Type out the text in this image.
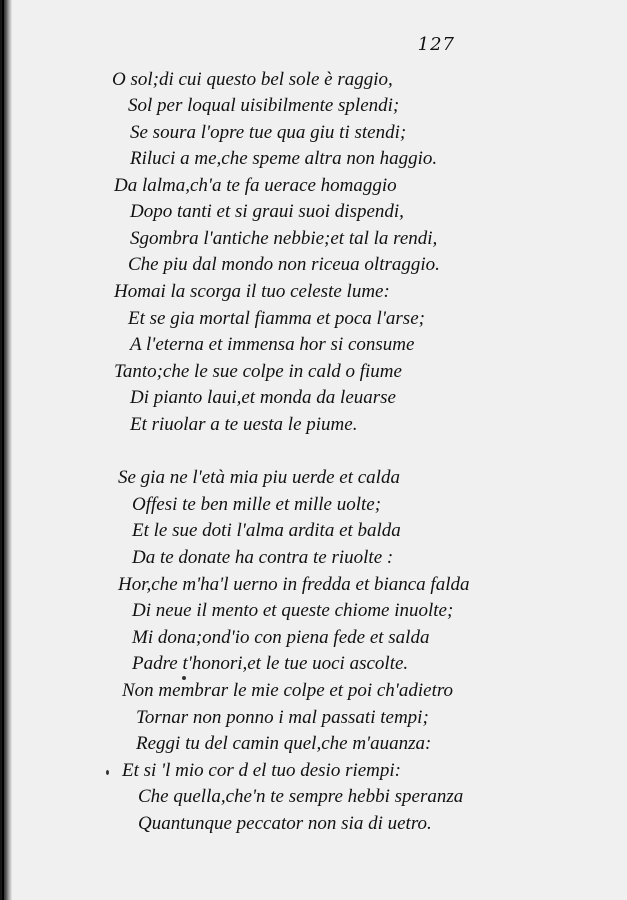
127
O sol;di cui questo bel sole è raggio,
Sol per loqual uisibilmente splendi;
Se soura l'opre tue qua giu ti stendi;
Riluci a me,che speme altra non haggio.
Da lalma,ch'a te fa uerace homaggio
Dopo tanti et si graui suoi dispendi,
Sgombra l'antiche nebbie;et tal la rendi,
Che piu dal mondo non riceua oltraggio.
Homai la scorga il tuo celeste lume:
Et se gia mortal fiamma et poca l'arse;
A l'eterna et immensa hor si consume
Tanto;che le sue colpe in cald o fiume
Di pianto laui,et monda da leuarse
Et riuolar a te uesta le piume.
Se gia ne l'età mia piu uerde et calda
Offesi te ben mille et mille uolte;
Et le sue doti l'alma ardita et balda
Da te donate ha contra te riuolte :
Hor,che m'ha'l uerno in fredda et bianca falda
Di neue il mento et queste chiome inuolte;
Mi dona;ond'io con piena fede et salda
Padre t'honori,et le tue uoci ascolte.
Non membrar le mie colpe et poi ch'adietro
Tornar non ponno i mal passati tempi;
Reggi tu del camin quel,che m'auanza:
Et si 'l mio cor d el tuo desio riempi:
Che quella,che'n te sempre hebbi speranza
Quantunque peccator non sia di uetro.
